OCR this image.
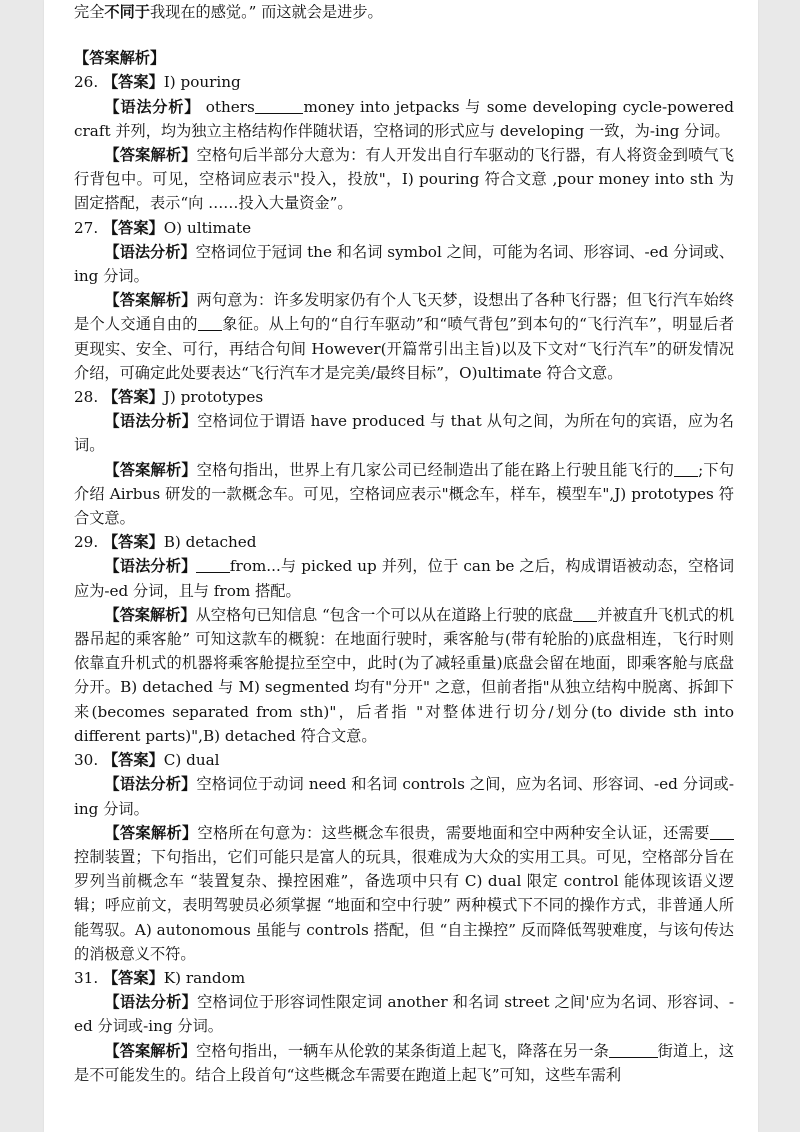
完全不同于我现在的感觉。” 而这就会是进步。

【答案解析】

26. 【答案】I) pouring

【语法分析】 others	money into jetpacks 与 some developing cycle-powered craft 并列，均为独立主格结构作伴随状语，空格词的形式应与 developing 一致，为-ing 分词。

【答案解析】空格句后半部分大意为：有人开发出自行车驱动的飞行器，有人将资金到喷气飞行背包中。可见，空格词应表示"投入，投放"，I) pouring 符合文意 ,pour money into sth 为固定搭配，表示“向 ……投入大量资金”。

27. 【答案】O) ultimate

【语法分析】空格词位于冠词 the 和名词 symbol 之间，可能为名词、形容词、-ed 分词或、ing 分词。

【答案解析】两句意为：许多发明家仍有个人飞天梦，设想出了各种飞行器；但飞行汽车始终是个人交通自由的 象征。从上句的“自行车驱动”和“喷气背包”到本句的“飞行汽车”，明显后者更现实、安全、可行，再结合句间 However(开篇常引出主旨)以及下文对“飞行汽车”的研发情况介绍，可确定此处要表达“飞行汽车才是完美/最终目标”，O)ultimate 符合文意。

28. 【答案】J) prototypes

【语法分析】空格词位于谓语 have produced 与 that 从句之间，为所在句的宾语，应为名词。

【答案解析】空格句指出，世界上有几家公司已经制造出了能在路上行驶且能飞行的 ;下句介绍 Airbus 研发的一款概念车。可见，空格词应表示"概念车，样车，模型车",J) prototypes 符合文意。

29. 【答案】B) detached

【语法分析】 from...与 picked up 并列，位于 can be 之后，构成谓语被动态，空格词应为-ed 分词，且与 from 搭配。

【答案解析】从空格句已知信息 “包含一个可以从在道路上行驶的底盘 并被直升飞机式的机器吊起的乘客舱” 可知这款车的概貌：在地面行驶时，乘客舱与(带有轮胎的)底盘相连，飞行时则依靠直升机式的机器将乘客舱提拉至空中，此时(为了减轻重量)底盘会留在地面，即乘客舱与底盘分开。B) detached 与 M) segmented 均有"分开" 之意，但前者指"从独立结构中脱离、拆卸下来(becomes separated from sth)"，后者指 "对整体进行切分/划分(to divide sth into different parts)",B) detached 符合文意。

30. 【答案】C) dual

【语法分析】空格词位于动词 need 和名词 controls 之间，应为名词、形容词、-ed 分词或-ing 分词。

【答案解析】空格所在句意为：这些概念车很贵，需要地面和空中两种安全认证，还需要控制装置；下句指出，它们可能只是富人的玩具，很难成为大众的实用工具。可见，空格部分旨在罗列当前概念车 “装置复杂、操控困难”，备选项中只有 C) dual 限定 control 能体现该语义逻辑；呼应前文，表明驾驶员必须掌握 “地面和空中行驶” 两种模式下不同的操作方式，非普通人所能驾驭。A) autonomous 虽能与 controls 搭配，但 “自主操控” 反而降低驾驶难度，与该句传达的消极意义不符。

31. 【答案】K) random

【语法分析】空格词位于形容词性限定词 another 和名词 street 之间'应为名词、形容词、-ed 分词或-ing 分词。

【答案解析】空格句指出，一辆车从伦敦的某条街道上起飞，降落在另一条	街道上，这是不可能发生的。结合上段首句“这些概念车需要在跑道上起飞”可知，这些车需利
